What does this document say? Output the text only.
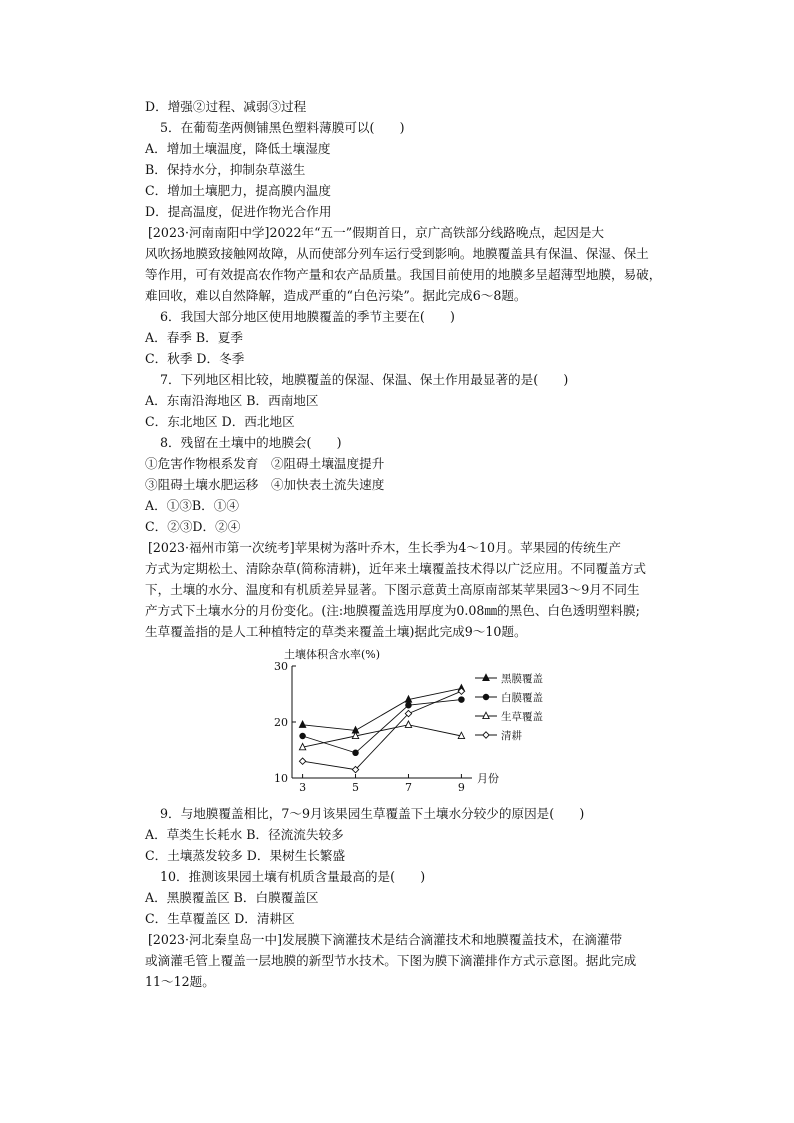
D．增强②过程、减弱③过程
5．在葡萄垄两侧铺黑色塑料薄膜可以(　　)
A．增加土壤温度，降低土壤湿度
B．保持水分，抑制杂草滋生
C．增加土壤肥力，提高膜内温度
D．提高温度，促进作物光合作用
[2023·河南南阳中学]2022年“五一”假期首日，京广高铁部分线路晚点，起因是大
风吹扬地膜致接触网故障，从而使部分列车运行受到影响。地膜覆盖具有保温、保湿、保土
等作用，可有效提高农作物产量和农产品质量。我国目前使用的地膜多呈超薄型地膜，易破，
难回收，难以自然降解，造成严重的“白色污染”。据此完成6～8题。
6．我国大部分地区使用地膜覆盖的季节主要在(　　)
A．春季 B．夏季
C．秋季 D．冬季
7．下列地区相比较，地膜覆盖的保湿、保温、保土作用最显著的是(　　)
A．东南沿海地区 B．西南地区
C．东北地区 D．西北地区
8．残留在土壤中的地膜会(　　)
①危害作物根系发育　②阻碍土壤温度提升
③阻碍土壤水肥运移　④加快表土流失速度
A．①③B．①④
C．②③D．②④
[2023·福州市第一次统考]苹果树为落叶乔木，生长季为4～10月。苹果园的传统生产
方式为定期松土、清除杂草(简称清耕)，近年来土壤覆盖技术得以广泛应用。不同覆盖方式
下，土壤的水分、温度和有机质差异显著。下图示意黄土高原南部某苹果园3～9月不同生
产方式下土壤水分的月份变化。(注:地膜覆盖选用厚度为0.08㎜的黑色、白色透明塑料膜;
生草覆盖指的是人工种植特定的草类来覆盖土壤)据此完成9～10题。
9．与地膜覆盖相比，7～9月该果园生草覆盖下土壤水分较少的原因是(　　)
A．草类生长耗水 B．径流流失较多
C．土壤蒸发较多 D．果树生长繁盛
10．推测该果园土壤有机质含量最高的是(　　)
A．黑膜覆盖区 B．白膜覆盖区
C．生草覆盖区 D．清耕区
[2023·河北秦皇岛一中]发展膜下滴灌技术是结合滴灌技术和地膜覆盖技术，在滴灌带
或滴灌毛管上覆盖一层地膜的新型节水技术。下图为膜下滴灌排作方式示意图。据此完成
11～12题。
土壤体积含水率(%)
10
20
30
3	5	7	9
黑膜覆盖
白膜覆盖
生草覆盖
清耕
月份
